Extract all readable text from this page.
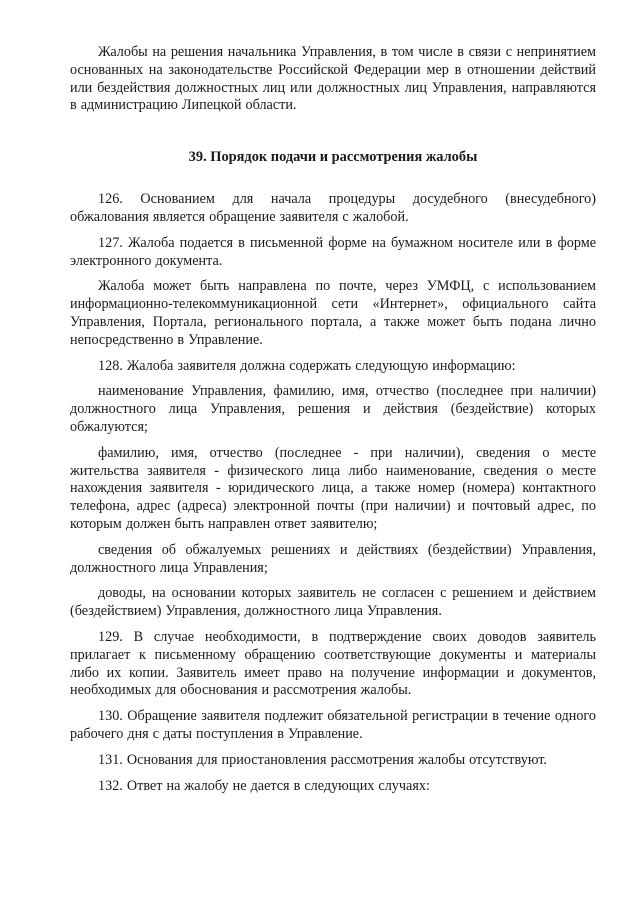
Жалобы на решения начальника Управления, в том числе в связи с непринятием основанных на законодательстве Российской Федерации мер в отношении действий или бездействия должностных лиц или должностных лиц Управления, направляются в администрацию Липецкой области.

39. Порядок подачи и рассмотрения жалобы

126. Основанием для начала процедуры досудебного (внесудебного) обжалования является обращение заявителя с жалобой.

127. Жалоба подается в письменной форме на бумажном носителе или в форме электронного документа.

Жалоба может быть направлена по почте, через УМФЦ, с использованием информационно-телекоммуникационной сети «Интернет», официального сайта Управления, Портала, регионального портала, а также может быть подана лично непосредственно в Управление.

128. Жалоба заявителя должна содержать следующую информацию:

наименование Управления, фамилию, имя, отчество (последнее при наличии) должностного лица Управления, решения и действия (бездействие) которых обжалуются;

фамилию, имя, отчество (последнее - при наличии), сведения о месте жительства заявителя - физического лица либо наименование, сведения о месте нахождения заявителя - юридического лица, а также номер (номера) контактного телефона, адрес (адреса) электронной почты (при наличии) и почтовый адрес, по которым должен быть направлен ответ заявителю;

сведения об обжалуемых решениях и действиях (бездействии) Управления, должностного лица Управления;

доводы, на основании которых заявитель не согласен с решением и действием (бездействием) Управления, должностного лица Управления.

129. В случае необходимости, в подтверждение своих доводов заявитель прилагает к письменному обращению соответствующие документы и материалы либо их копии. Заявитель имеет право на получение информации и документов, необходимых для обоснования и рассмотрения жалобы.

130. Обращение заявителя подлежит обязательной регистрации в течение одного рабочего дня с даты поступления в Управление.

131. Основания для приостановления рассмотрения жалобы отсутствуют.

132. Ответ на жалобу не дается в следующих случаях:
